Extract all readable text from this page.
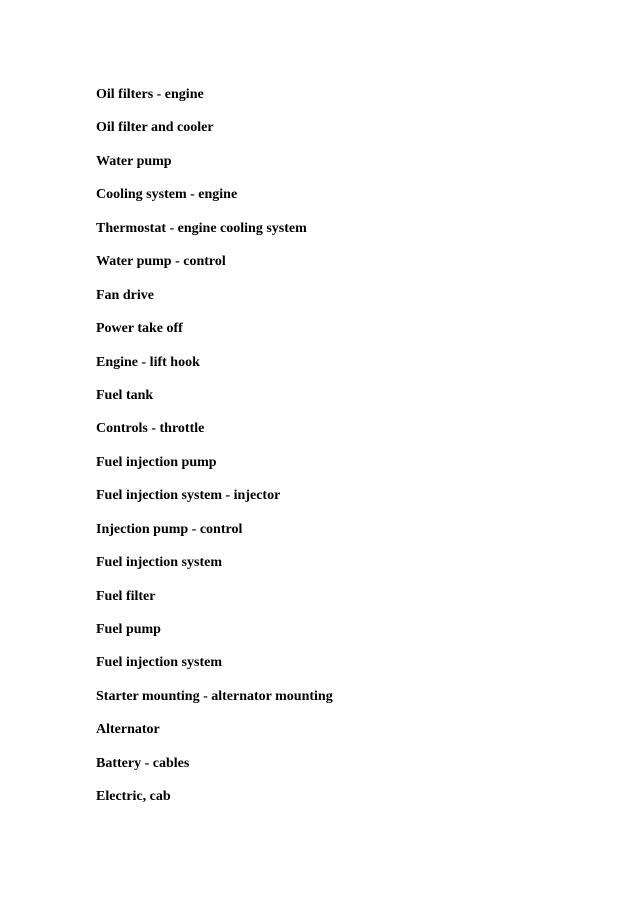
Oil filters - engine
Oil filter and cooler
Water pump
Cooling system - engine
Thermostat - engine cooling system
Water pump - control
Fan drive
Power take off
Engine - lift hook
Fuel tank
Controls - throttle
Fuel injection pump
Fuel injection system - injector
Injection pump - control
Fuel injection system
Fuel filter
Fuel pump
Fuel injection system
Starter mounting - alternator mounting
Alternator
Battery - cables
Electric, cab
